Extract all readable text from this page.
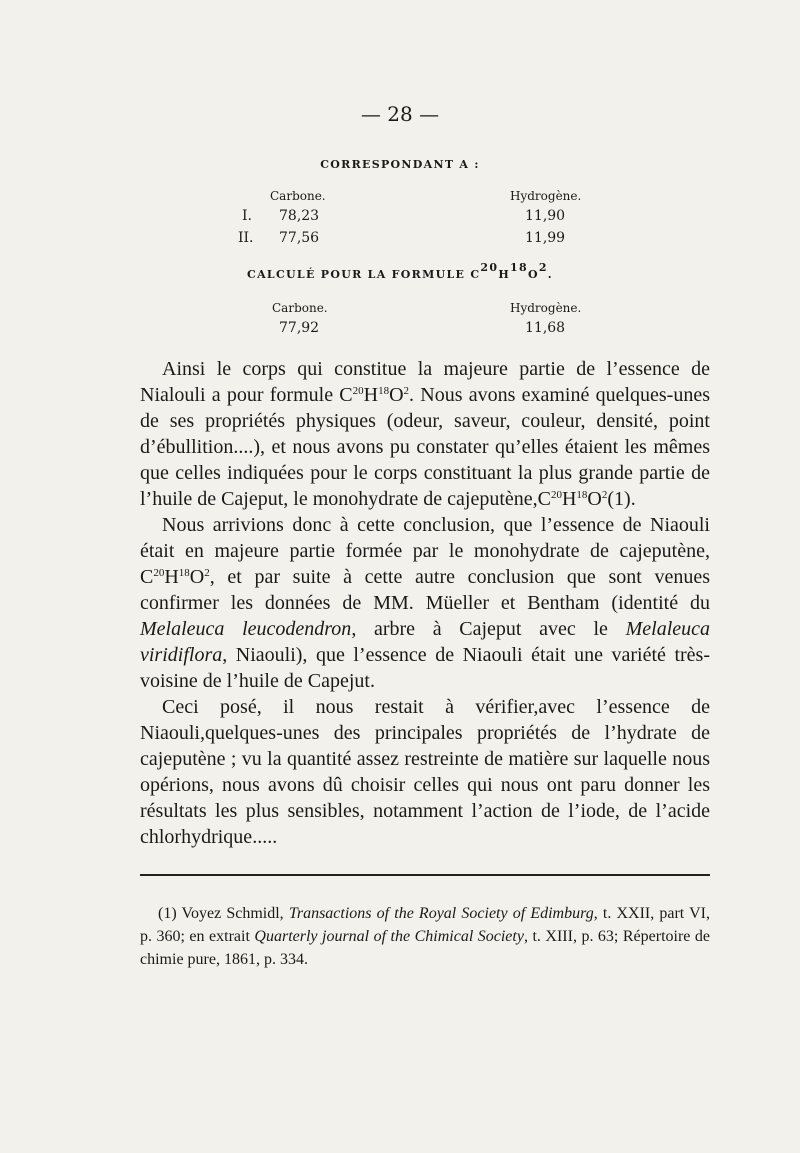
— 28 —
CORRESPONDANT A :
Carbone.	Hydrogène.
I. 78,23	11,90
II. 77,56	11,99
CALCULÉ POUR LA FORMULE $C^{20}H^{18}O^2$.
Carbone.	Hydrogène.
77,92	11,68

Ainsi le corps qui constitue la majeure partie de l’essence de Nialouli a pour formule $C^{20}H^{18}O^2$. Nous avons examiné quelques-unes de ses propriétés physiques (odeur, saveur, couleur, densité, point d’ébullition....), et nous avons pu constater qu’elles étaient les mêmes que celles indiquées pour le corps constituant la plus grande partie de l’huile de Cajeput, le monohydrate de $cajeputène,C^{20}H^{18}O^2(1)$.

Nous arrivions donc à cette conclusion, que l’essence de Niaouli était en majeure partie formée par le monohydrate de cajeputène, $C^{20}H^{18}O^2$, et par suite à cette autre conclusion que sont venues confirmer les données de MM. Müeller et Bentham (identité du Melaleuca leucodendron, arbre à Cajeput avec le Melaleuca viridiflora, Niaouli), que l’essence de Niaouli était une variété très-voisine de l’huile de Capejut.

Ceci posé, il nous restait à vérifier,avec l’essence de Niaouli,quelques-unes des principales propriétés de l’hydrate de cajeputène ; vu la quantité assez restreinte de matière sur laquelle nous opérions, nous avons dû choisir celles qui nous ont paru donner les résultats les plus sensibles, notamment l’action de l’iode, de l’acide chlorhydrique.....

(1) Voyez Schmidl, Transactions of the Royal Society of Edimburg, t. XXII, part VI, p. 360; en extrait Quarterly journal of the Chimical Society, t. XIII, p. 63; Répertoire de chimie pure, 1861, p. 334.
